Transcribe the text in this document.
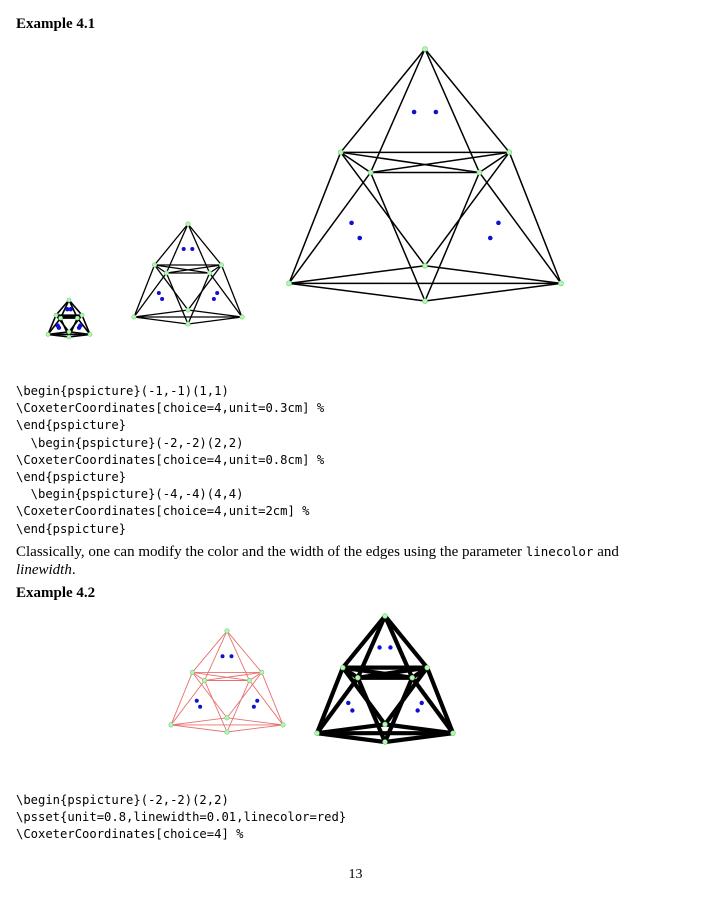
Example 4.1

\begin{pspicture}(-1,-1)(1,1)
\CoxeterCoordinates[choice=4,unit=0.3cm] %
\end{pspicture}
\begin{pspicture}(-2,-2)(2,2)
\CoxeterCoordinates[choice=4,unit=0.8cm] %
\end{pspicture}
\begin{pspicture}(-4,-4)(4,4)
\CoxeterCoordinates[choice=4,unit=2cm] %
\end{pspicture}

Classically, one can modify the color and the width of the edges using the parameter linecolor and linewidth.

Example 4.2

\begin{pspicture}(-2,-2)(2,2)
\psset{unit=0.8,linewidth=0.01,linecolor=red}
\CoxeterCoordinates[choice=4] %

13
